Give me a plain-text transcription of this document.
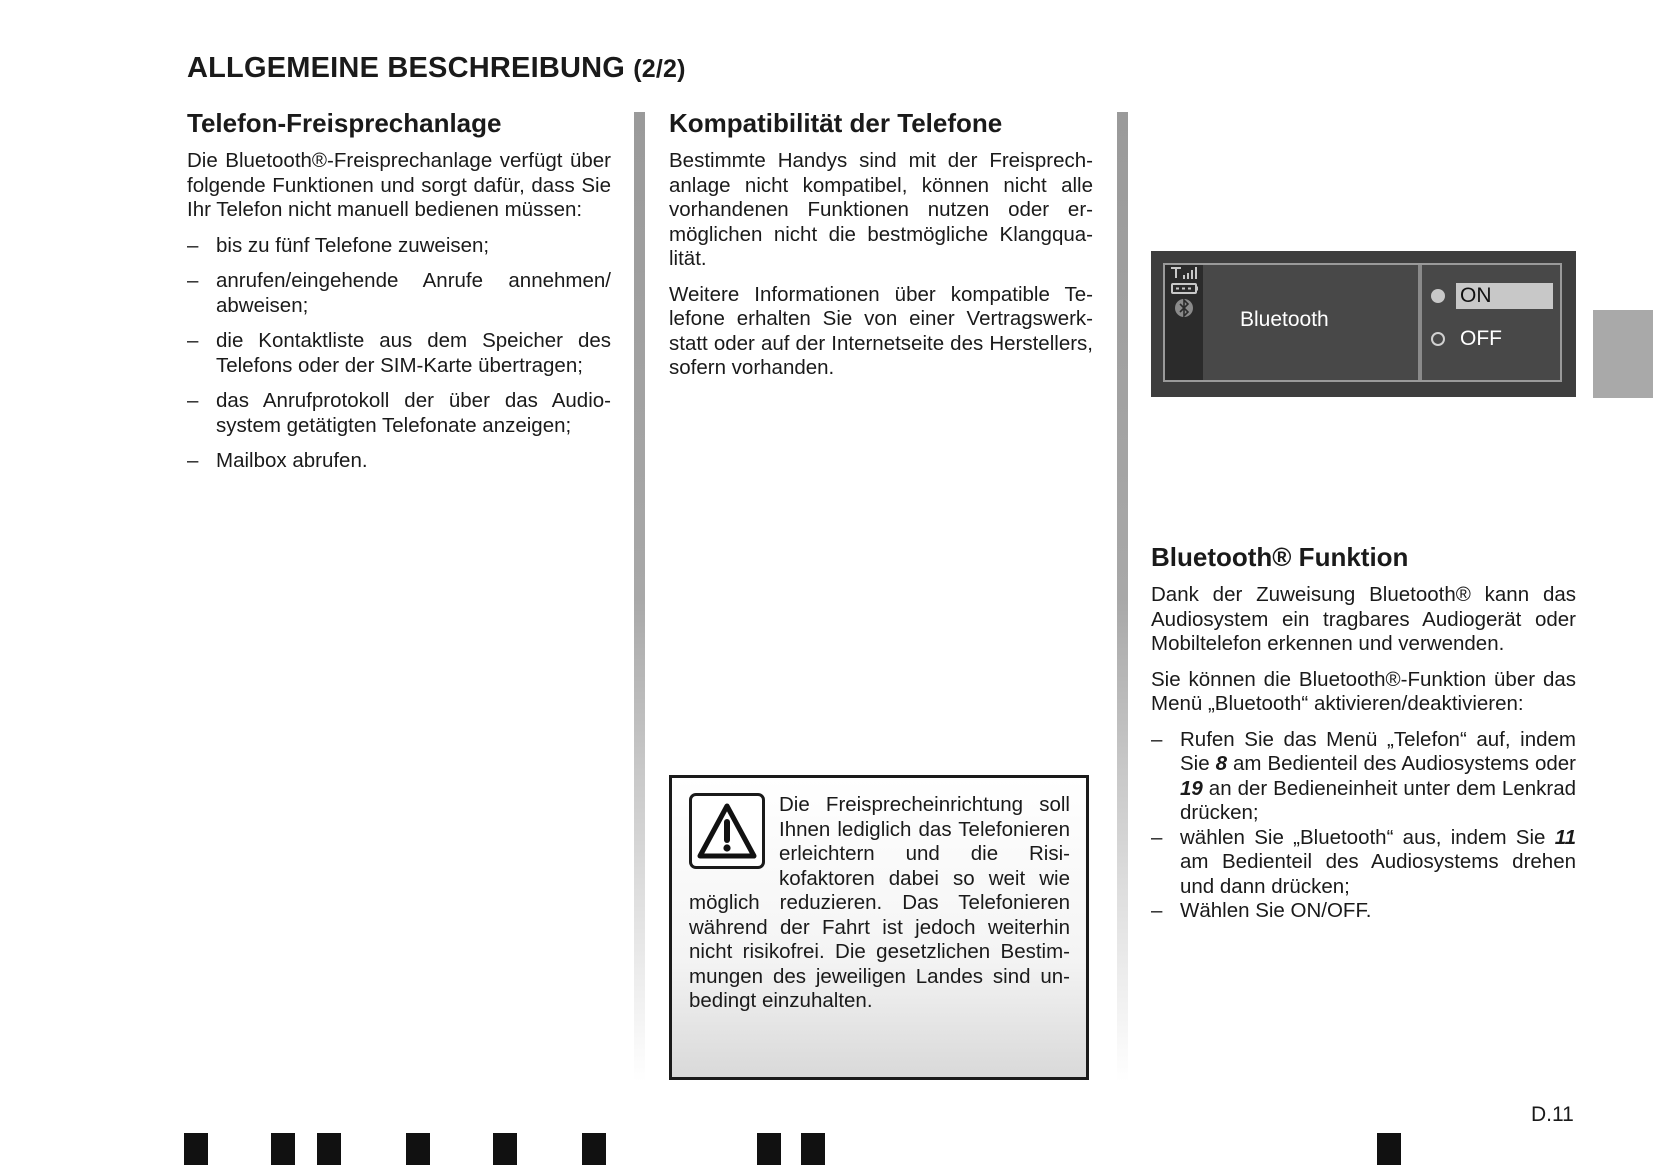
ALLGEMEINE BESCHREIBUNG (2/2)
Telefon-Freisprechanlage

Die Bluetooth®-Freisprechanlage verfügt über folgende Funktionen und sorgt dafür, dass Sie Ihr Telefon nicht manuell bedienen müssen:

– bis zu fünf Telefone zuweisen;
– anrufen/eingehende Anrufe annehmen/ abweisen;
– die Kontaktliste aus dem Speicher des Telefons oder der SIM-Karte übertragen;
– das Anrufprotokoll der über das Audiosystem getätigten Telefonate anzeigen;
– Mailbox abrufen.
Kompatibilität der Telefone

Bestimmte Handys sind mit der Freisprechanlage nicht kompatibel, können nicht alle vorhandenen Funktionen nutzen oder ermöglichen nicht die bestmögliche Klangqualität.

Weitere Informationen über kompatible Telefone erhalten Sie von einer Vertragswerkstatt oder auf der Internetseite des Herstellers, sofern vorhanden.

Die Freisprecheinrichtung soll Ihnen lediglich das Telefonieren erleichtern und die Risikofaktoren dabei so weit wie möglich reduzieren. Das Telefonieren während der Fahrt ist jedoch weiterhin nicht risikofrei. Die gesetzlichen Bestimmungen des jeweiligen Landes sind unbedingt einzuhalten.
Bluetooth
ON
OFF
Bluetooth® Funktion

Dank der Zuweisung Bluetooth® kann das Audiosystem ein tragbares Audiogerät oder Mobiltelefon erkennen und verwenden.

Sie können die Bluetooth®-Funktion über das Menü „Bluetooth“ aktivieren/deaktivieren:

– Rufen Sie das Menü „Telefon“ auf, indem Sie 8 am Bedienteil des Audiosystems oder 19 an der Bedieneinheit unter dem Lenkrad drücken;
– wählen Sie „Bluetooth“ aus, indem Sie 11 am Bedienteil des Audiosystems drehen und dann drücken;
– Wählen Sie ON/OFF.
D.11
